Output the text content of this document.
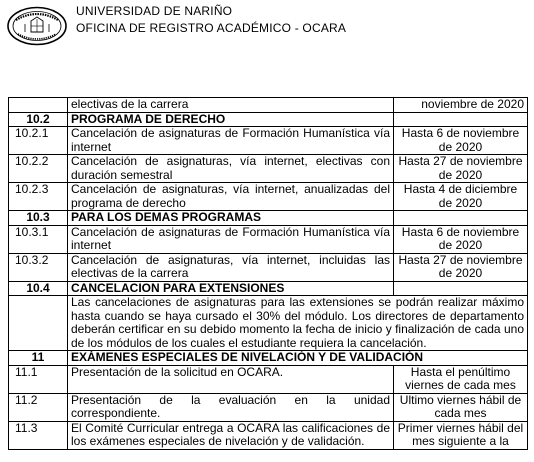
UNIVERSIDAD DE NARIÑO
OFICINA DE REGISTRO ACADÉMICO - OCARA
	electivas de la carrera	noviembre de 2020
10.2	PROGRAMA DE DERECHO	
10.2.1	Cancelación de asignaturas de Formación Humanística vía internet	Hasta 6 de noviembre de 2020
10.2.2	Cancelación de asignaturas, vía internet, electivas con duración semestral	Hasta 27 de noviembre de 2020
10.2.3	Cancelación de asignaturas, vía internet, anualizadas del programa de derecho	Hasta 4 de diciembre de 2020
10.3	PARA LOS DEMAS PROGRAMAS	
10.3.1	Cancelación de asignaturas de Formación Humanística vía internet	Hasta 6 de noviembre de 2020
10.3.2	Cancelación de asignaturas, vía internet, incluidas las electivas de la carrera	Hasta 27 de noviembre de 2020
10.4	CANCELACION PARA EXTENSIONES	
	Las cancelaciones de asignaturas para las extensiones se podrán realizar máximo hasta cuando se haya cursado el 30% del módulo. Los directores de departamento deberán certificar en su debido momento la fecha de inicio y finalización de cada uno de los módulos de los cuales el estudiante requiera la cancelación.	
11	EXÁMENES ESPECIALES DE NIVELACIÓN Y DE VALIDACIÓN	
11.1	Presentación de la solicitud en OCARA.	Hasta el penúltimo viernes de cada mes
11.2	Presentación de la evaluación en la unidad correspondiente.	Ultimo viernes hábil de cada mes
11.3	El Comité Curricular entrega a OCARA las calificaciones de los exámenes especiales de nivelación y de validación.	Primer viernes hábil del mes siguiente a la
